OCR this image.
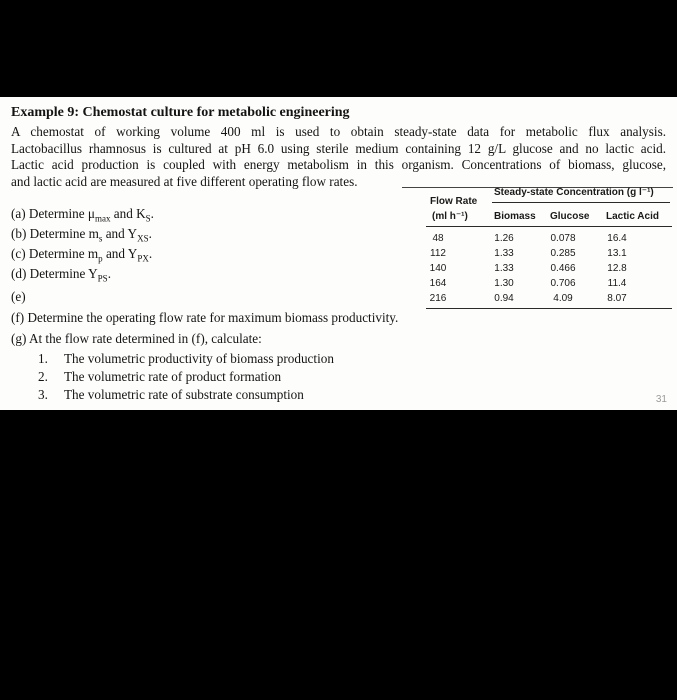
Example 9: Chemostat culture for metabolic engineering
A chemostat of working volume 400 ml is used to obtain steady-state data for metabolic flux analysis.
Lactobacillus rhamnosus is cultured at pH 6.0 using sterile medium containing 12 g/L glucose and no lactic acid.
Lactic acid production is coupled with energy metabolism in this organism. Concentrations of biomass, glucose,
and lactic acid are measured at five different operating flow rates.
(a) Determine $\mu_{max}$ and $K_S$.
(b) Determine $m_s$ and $Y_{XS}$.
(c) Determine $m_p$ and $Y_{PX}$.
(d) Determine $Y_{PS}$.
(e)
(f) Determine the operating flow rate for maximum biomass productivity.
(g) At the flow rate determined in (f), calculate:
1. The volumetric productivity of biomass production
2. The volumetric rate of product formation
3. The volumetric rate of substrate consumption
Steady-state Concentration (g l⁻¹)
Flow Rate
(ml h⁻¹)	Biomass Glucose Lactic Acid
48	1.26	0.078	16.4
112	1.33	0.285	13.1
140	1.33	0.466	12.8
164	1.30	0.706	11.4
216	0.94	4.09	8.07
31
